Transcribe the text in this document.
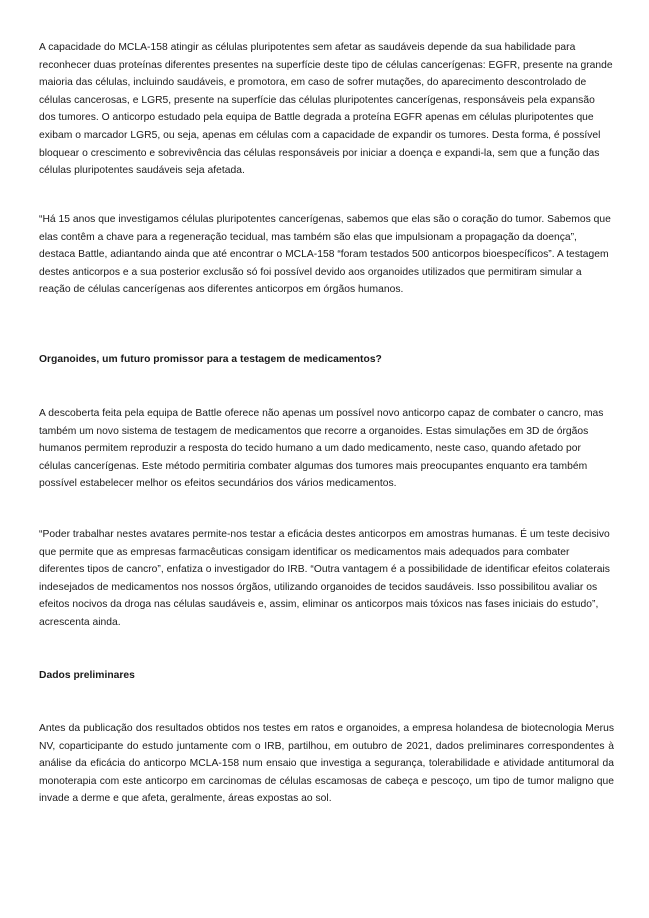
A capacidade do MCLA-158 atingir as células pluripotentes sem afetar as saudáveis depende da sua habilidade para reconhecer duas proteínas diferentes presentes na superfície deste tipo de células cancerígenas: EGFR, presente na grande maioria das células, incluindo saudáveis, e promotora, em caso de sofrer mutações, do aparecimento descontrolado de células cancerosas, e LGR5, presente na superfície das células pluripotentes cancerígenas, responsáveis pela expansão dos tumores. O anticorpo estudado pela equipa de Battle degrada a proteína EGFR apenas em células pluripotentes que exibam o marcador LGR5, ou seja, apenas em células com a capacidade de expandir os tumores. Desta forma, é possível bloquear o crescimento e sobrevivência das células responsáveis por iniciar a doença e expandi-la, sem que a função das células pluripotentes saudáveis seja afetada.

“Há 15 anos que investigamos células pluripotentes cancerígenas, sabemos que elas são o coração do tumor. Sabemos que elas contêm a chave para a regeneração tecidual, mas também são elas que impulsionam a propagação da doença”, destaca Battle, adiantando ainda que até encontrar o MCLA-158 “foram testados 500 anticorpos bioespecíficos”. A testagem destes anticorpos e a sua posterior exclusão só foi possível devido aos organoides utilizados que permitiram simular a reação de células cancerígenas aos diferentes anticorpos em órgãos humanos.

Organoides, um futuro promissor para a testagem de medicamentos?

A descoberta feita pela equipa de Battle oferece não apenas um possível novo anticorpo capaz de combater o cancro, mas também um novo sistema de testagem de medicamentos que recorre a organoides. Estas simulações em 3D de órgãos humanos permitem reproduzir a resposta do tecido humano a um dado medicamento, neste caso, quando afetado por células cancerígenas. Este método permitiria combater algumas dos tumores mais preocupantes enquanto era também possível estabelecer melhor os efeitos secundários dos vários medicamentos.

“Poder trabalhar nestes avatares permite-nos testar a eficácia destes anticorpos em amostras humanas. É um teste decisivo que permite que as empresas farmacêuticas consigam identificar os medicamentos mais adequados para combater diferentes tipos de cancro”, enfatiza o investigador do IRB. “Outra vantagem é a possibilidade de identificar efeitos colaterais indesejados de medicamentos nos nossos órgãos, utilizando organoides de tecidos saudáveis. Isso possibilitou avaliar os efeitos nocivos da droga nas células saudáveis e, assim, eliminar os anticorpos mais tóxicos nas fases iniciais do estudo”, acrescenta ainda.

Dados preliminares

Antes da publicação dos resultados obtidos nos testes em ratos e organoides, a empresa holandesa de biotecnologia Merus NV, coparticipante do estudo juntamente com o IRB, partilhou, em outubro de 2021, dados preliminares correspondentes à análise da eficácia do anticorpo MCLA-158 num ensaio que investiga a segurança, tolerabilidade e atividade antitumoral da monoterapia com este anticorpo em carcinomas de células escamosas de cabeça e pescoço, um tipo de tumor maligno que invade a derme e que afeta, geralmente, áreas expostas ao sol.
